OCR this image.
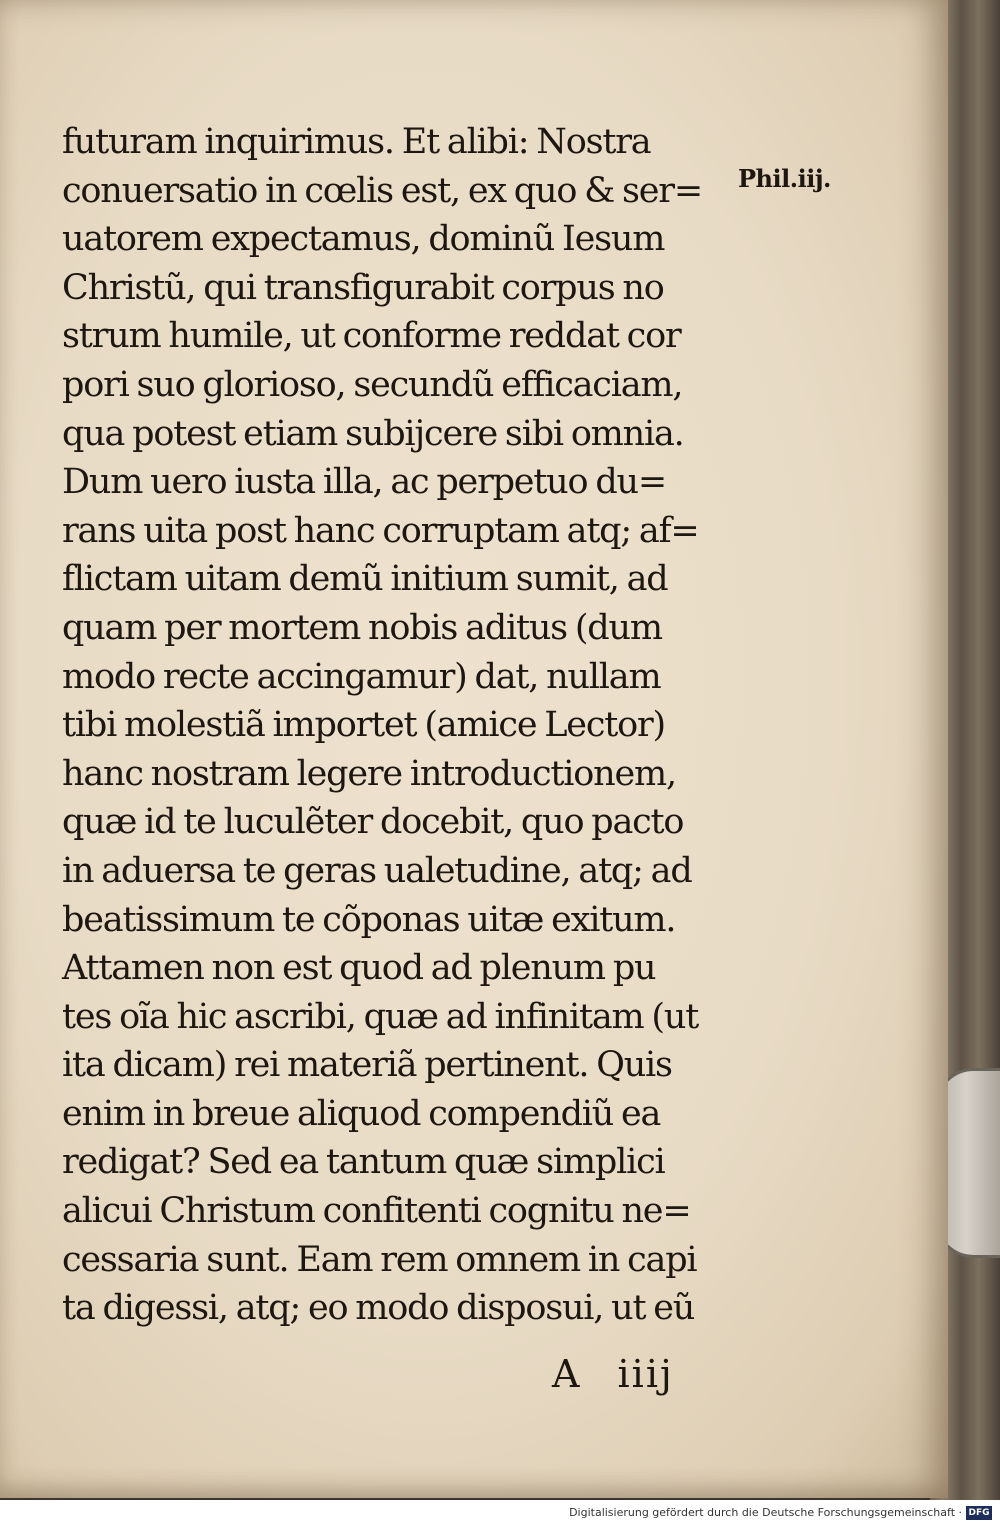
futuram inquirimus. Et alibi: Nostra
conuersatio in cœlis est, ex quo & ser=
uatorem expectamus, dominũ Iesum
Christũ, qui transfigurabit corpus no
strum humile, ut conforme reddat cor
pori suo glorioso, secundũ efficaciam,
qua potest etiam subijcere sibi omnia.
Dum uero iusta illa, ac perpetuo du=
rans uita post hanc corruptam atq; af=
flictam uitam demũ initium sumit, ad
quam per mortem nobis aditus (dum
modo recte accingamur) dat, nullam
tibi molestiã importet (amice Lector)
hanc nostram legere introductionem,
quæ id te luculẽter docebit, quo pacto
in aduersa te geras ualetudine, atq; ad
beatissimum te cõponas uitæ exitum.
Attamen non est quod ad plenum pu
tes oĩa hic ascribi, quæ ad infinitam (ut
ita dicam) rei materiã pertinent. Quis
enim in breue aliquod compendiũ ea
redigat? Sed ea tantum quæ simplici
alicui Christum confitenti cognitu ne=
cessaria sunt. Eam rem omnem in capi
ta digessi, atq; eo modo disposui, ut eũ
Phil.iij.
A iiij
Digitalisierung gefördert durch die Deutsche Forschungsgemeinschaft · DFG
